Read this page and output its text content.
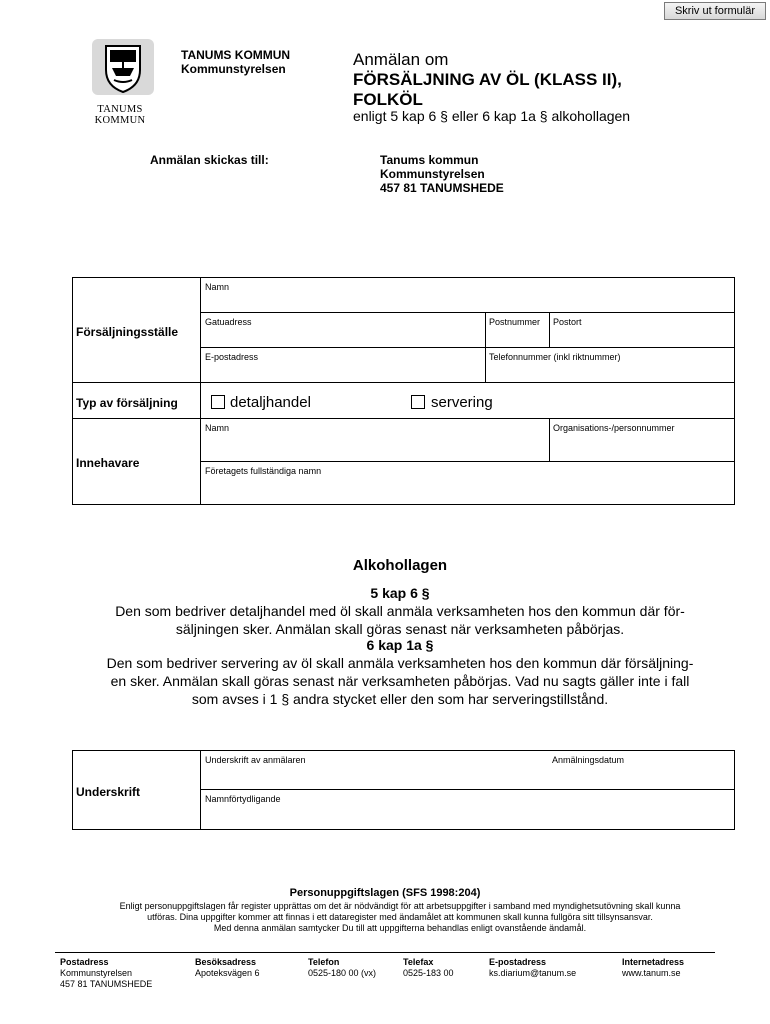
Skriv ut formulär
TANUMS
KOMMUN
TANUMS KOMMUN
Kommunstyrelsen	Anmälan om
FÖRSÄLJNING AV ÖL (KLASS II), FOLKÖL
enligt 5 kap 6 § eller 6 kap 1a § alkohollagen
Anmälan skickas till:	Tanums kommun
Kommunstyrelsen
457 81 TANUMSHEDE
Försäljningsställe
Namn
Gatuadress	Postnummer Postort
E-postadress	Telefonnummer (inkl riktnummer)
Typ av försäljning	detaljhandel	servering
Innehavare
Namn	Organisations-/personnummer
Företagets fullständiga namn
Alkohollagen
5 kap 6 §
Den som bedriver detaljhandel med öl skall anmäla verksamheten hos den kommun där för-
säljningen sker. Anmälan skall göras senast när verksamheten påbörjas.
6 kap 1a §
Den som bedriver servering av öl skall anmäla verksamheten hos den kommun där försäljning-
en sker. Anmälan skall göras senast när verksamheten påbörjas. Vad nu sagts gäller inte i fall
som avses i 1 § andra stycket eller den som har serveringstillstånd.
Underskrift
Underskrift av anmälaren	Anmälningsdatum
Namnförtydligande
Personuppgiftslagen (SFS 1998:204)
Enligt personuppgiftslagen får register upprättas om det är nödvändigt för att arbetsuppgifter i samband med myndighetsutövning skall kunna
utföras. Dina uppgifter kommer att finnas i ett dataregister med ändamålet att kommunen skall kunna fullgöra sitt tillsynsansvar.
Med denna anmälan samtycker Du till att uppgifterna behandlas enligt ovanstående ändamål.
Postadress
Kommunstyrelsen
457 81 TANUMSHEDE
Besöksadress
Apoteksvägen 6
Telefon
0525-180 00 (vx)
Telefax
0525-183 00
E-postadress
ks.diarium@tanum.se
Internetadress
www.tanum.se
